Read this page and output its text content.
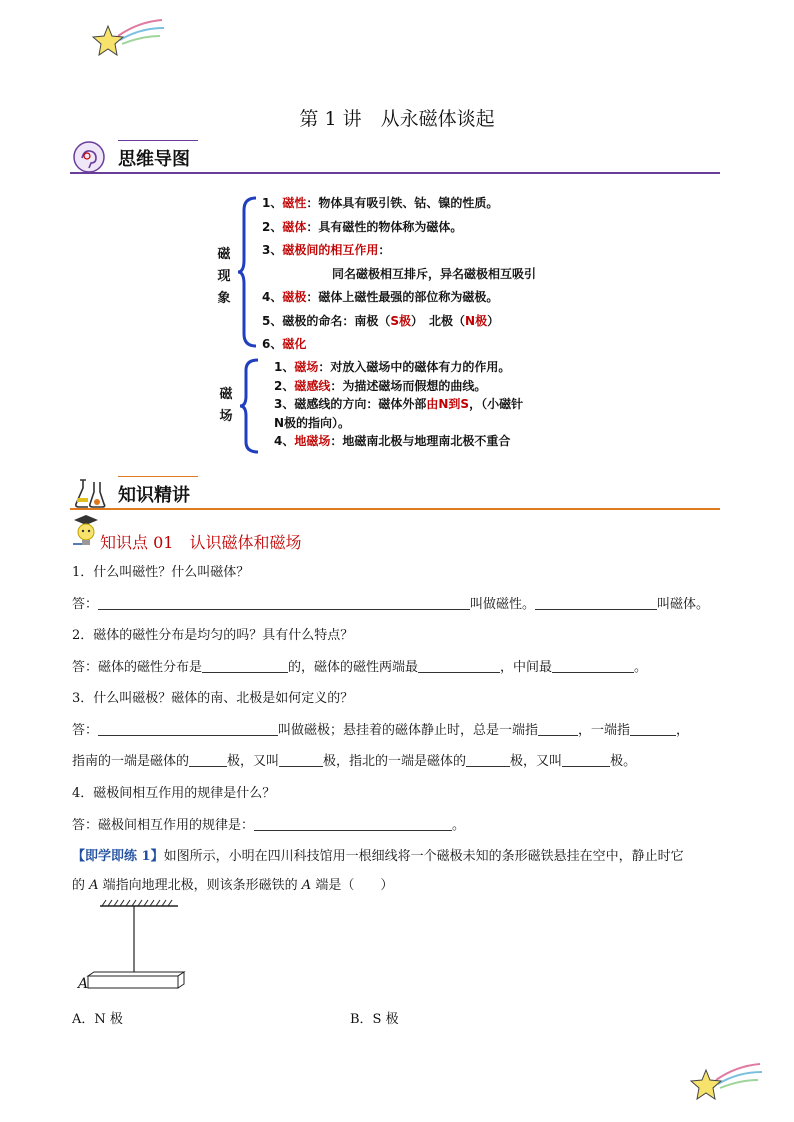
第 1 讲　从永磁体谈起
思维导图
磁
现
象
1、磁性：物体具有吸引铁、钴、镍的性质。
2、磁体：具有磁性的物体称为磁体。
3、磁极间的相互作用：
同名磁极相互排斥，异名磁极相互吸引
4、磁极：磁体上磁性最强的部位称为磁极。
5、磁极的命名：南极（S极）　北极（N极）
6、磁化
磁
场
1、磁场：对放入磁场中的磁体有力的作用。
2、磁感线：为描述磁场而假想的曲线。
3、磁感线的方向：磁体外部由N到S，（小磁针
N极的指向）。
4、地磁场：地磁南北极与地理南北极不重合
知识精讲
知识点 01　认识磁体和磁场
1．什么叫磁性？什么叫磁体？
答：	叫做磁性。	叫磁体。
2．磁体的磁性分布是均匀的吗？具有什么特点？
答：磁体的磁性分布是	的，磁体的磁性两端最	，中间最	。
3．什么叫磁极？磁体的南、北极是如何定义的？
答：	叫做磁极；悬挂着的磁体静止时，总是一端指	，一端指	，
指南的一端是磁体的	极，又叫	极，指北的一端是磁体的	极，又叫	极。
4．磁极间相互作用的规律是什么？
答：磁极间相互作用的规律是：	。
【即学即练 1】如图所示，小明在四川科技馆用一根细线将一个磁极未知的条形磁铁悬挂在空中，静止时它
的 A 端指向地理北极，则该条形磁铁的 A 端是（　　）
A
A．N 极	B．S 极
